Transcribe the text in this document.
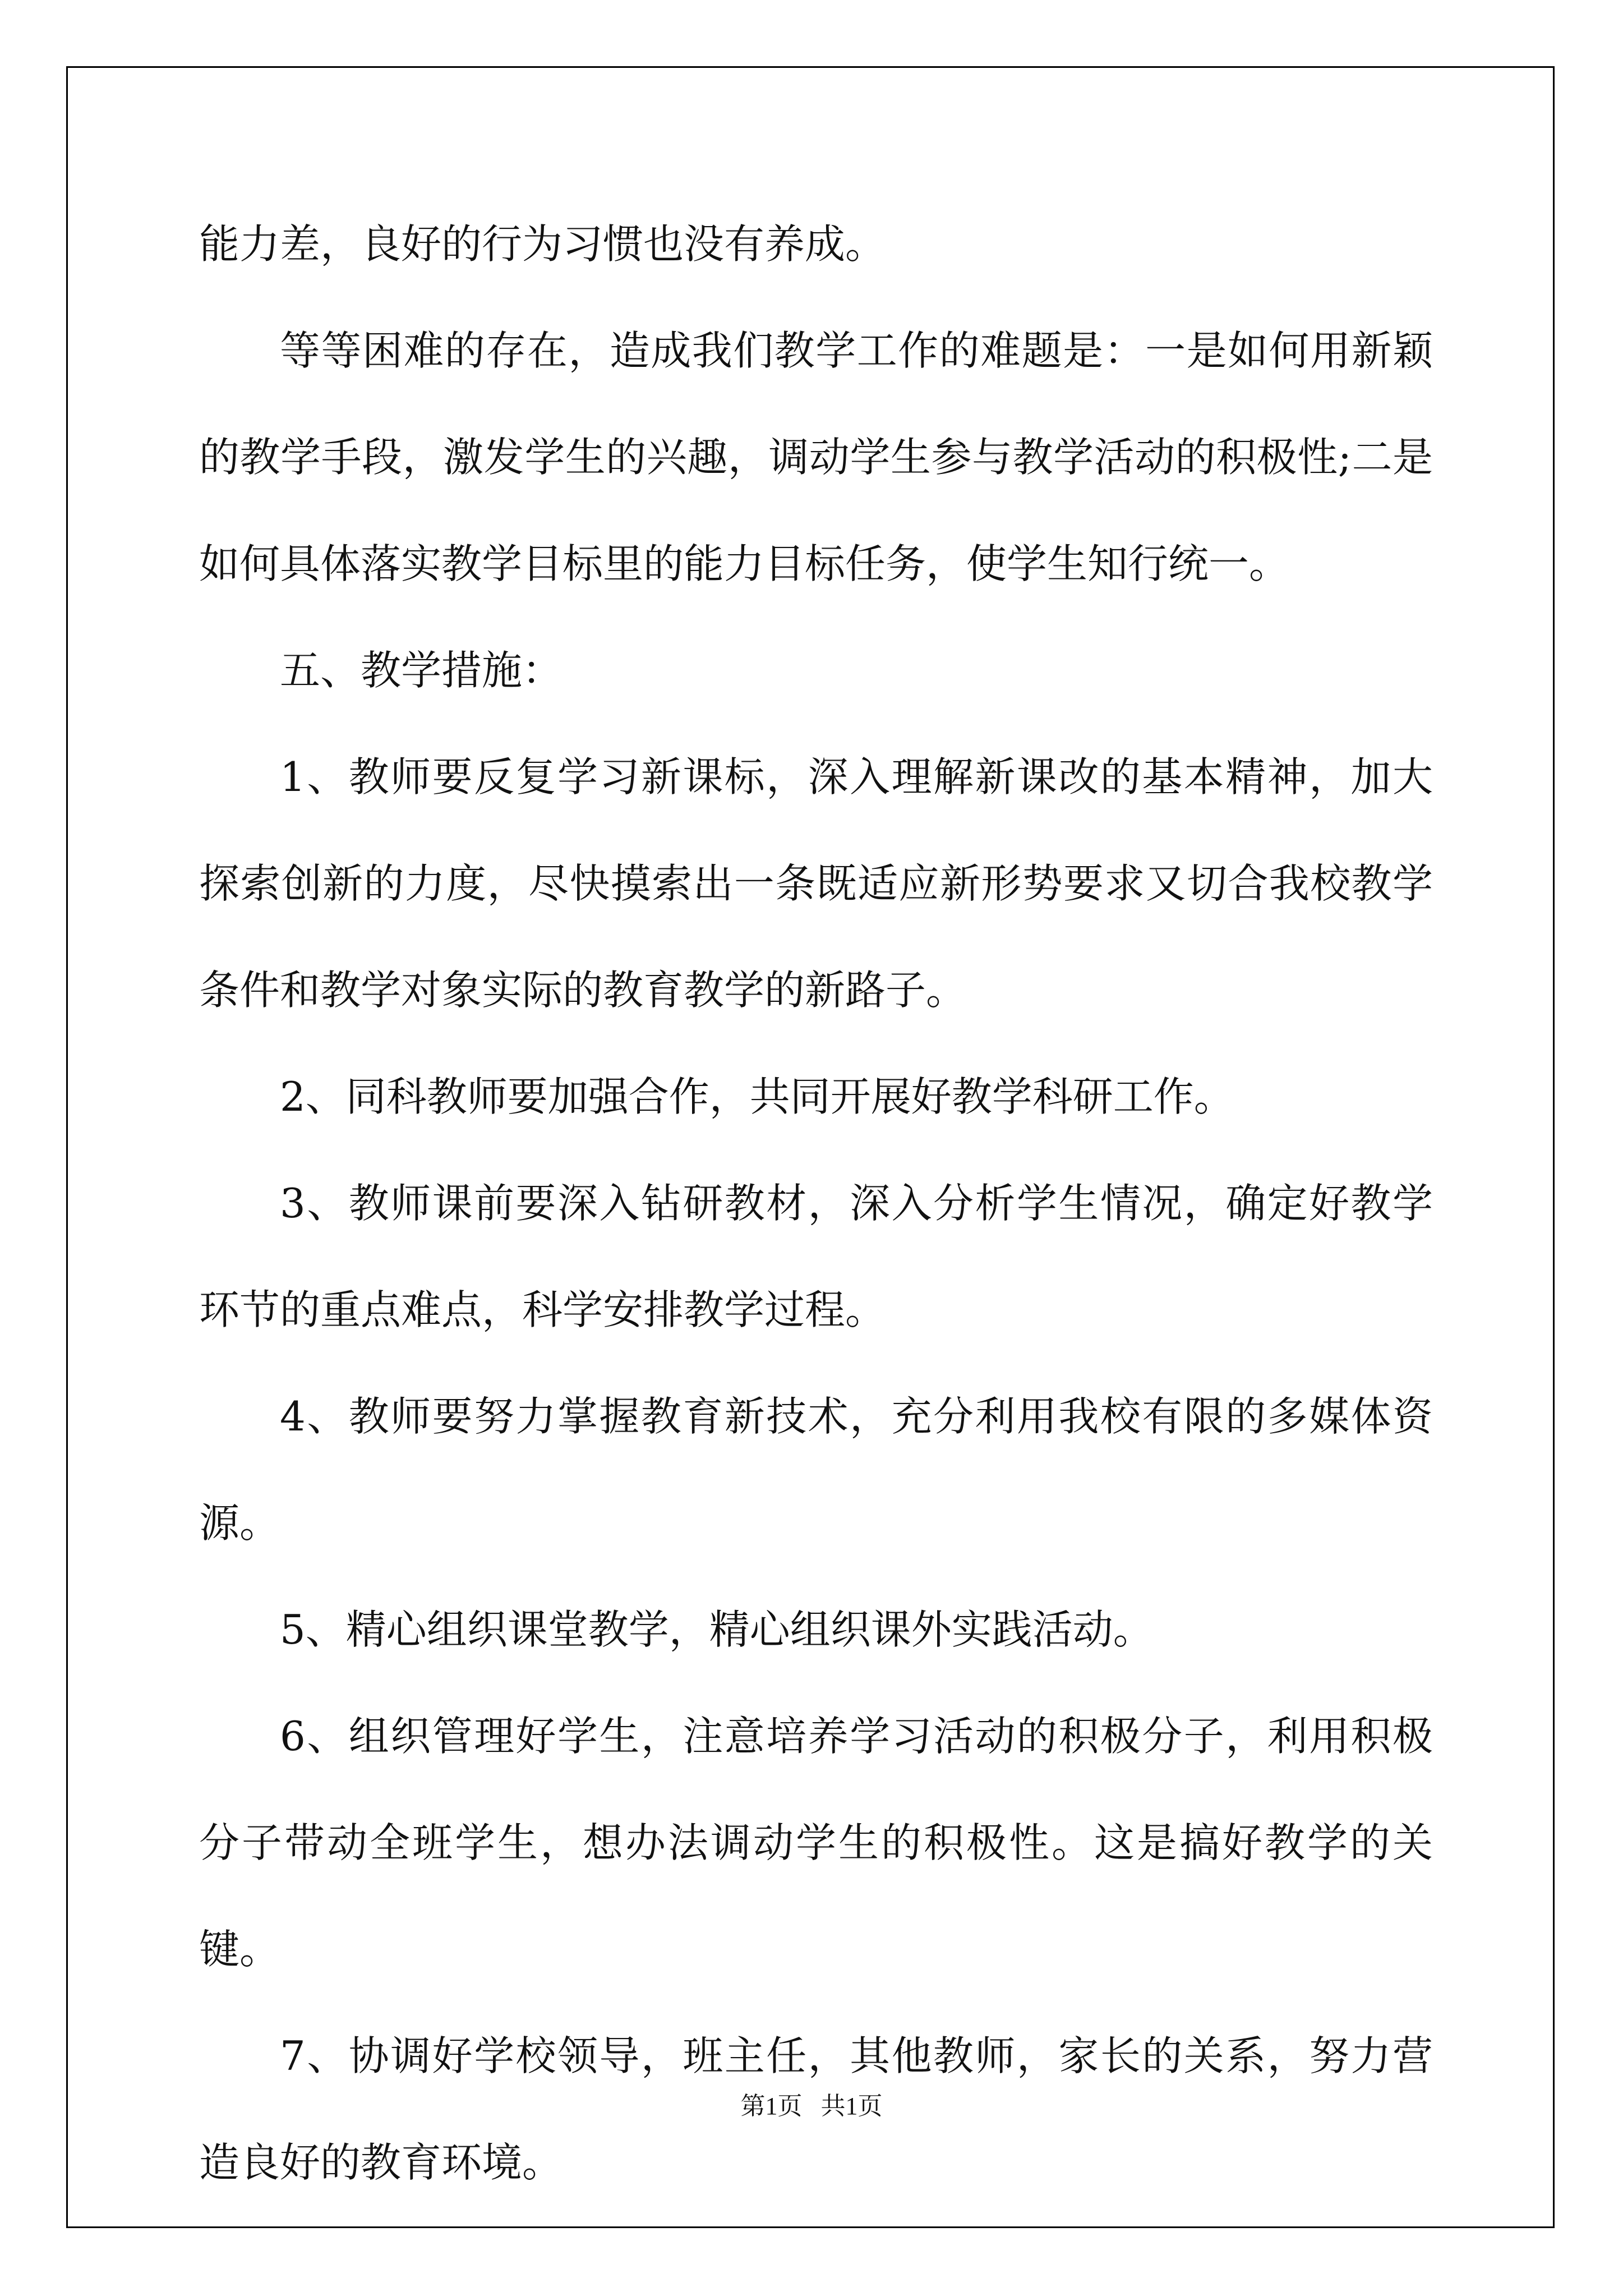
能力差，良好的行为习惯也没有养成。

等等困难的存在，造成我们教学工作的难题是：一是如何用新颖的教学手段，激发学生的兴趣，调动学生参与教学活动的积极性;二是如何具体落实教学目标里的能力目标任务，使学生知行统一。

五、教学措施：

1、教师要反复学习新课标，深入理解新课改的基本精神，加大探索创新的力度，尽快摸索出一条既适应新形势要求又切合我校教学条件和教学对象实际的教育教学的新路子。

2、同科教师要加强合作，共同开展好教学科研工作。

3、教师课前要深入钻研教材，深入分析学生情况，确定好教学环节的重点难点，科学安排教学过程。

4、教师要努力掌握教育新技术，充分利用我校有限的多媒体资源。

5、精心组织课堂教学，精心组织课外实践活动。

6、组织管理好学生，注意培养学习活动的积极分子，利用积极分子带动全班学生，想办法调动学生的积极性。这是搞好教学的关键。

7、协调好学校领导，班主任，其他教师，家长的关系，努力营造良好的教育环境。

第1页   共1页
